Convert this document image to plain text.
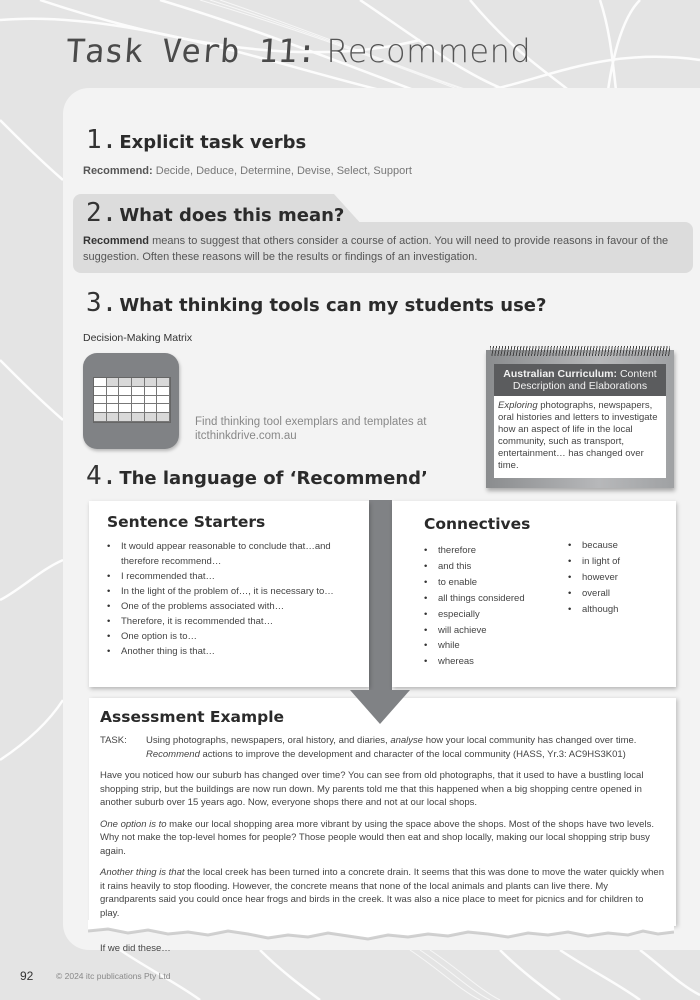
Task Verb 11: Recommend
1. Explicit task verbs
Recommend: Decide, Deduce, Determine, Devise, Select, Support
2. What does this mean?
Recommend means to suggest that others consider a course of action. You will need to provide reasons in favour of the suggestion. Often these reasons will be the results or findings of an investigation.
3. What thinking tools can my students use?
Decision-Making Matrix
Find thinking tool exemplars and templates at
itcthinkdrive.com.au
Australian Curriculum: Content Description and Elaborations
Exploring photographs, newspapers, oral histories and letters to investigate how an aspect of life in the local community, such as transport, entertainment… has changed over time.
4. The language of ‘Recommend’
Sentence Starters
• It would appear reasonable to conclude that…and therefore recommend…
• I recommended that…
• In the light of the problem of…, it is necessary to…
• One of the problems associated with…
• Therefore, it is recommended that…
• One option is to…
• Another thing is that…
Connectives
• therefore
• and this
• to enable
• all things considered
• especially
• will achieve
• while
• whereas
• because
• in light of
• however
• overall
• although
Assessment Example

TASK:	Using photographs, newspapers, oral history, and diaries, analyse how your local community has changed over time.
Recommend actions to improve the development and character of the local community (HASS, Yr.3: AC9HS3K01)

Have you noticed how our suburb has changed over time? You can see from old photographs, that it used to have a bustling local shopping strip, but the buildings are now run down. My parents told me that this happened when a big shopping centre opened in another suburb over 15 years ago. Now, everyone shops there and not at our local shops.

One option is to make our local shopping area more vibrant by using the space above the shops. Most of the shops have two levels. Why not make the top-level homes for people? Those people would then eat and shop locally, making our local shopping strip busy again.

Another thing is that the local creek has been turned into a concrete drain. It seems that this was done to move the water quickly when it rains heavily to stop flooding. However, the concrete means that none of the local animals and plants can live there. My grandparents said you could once hear frogs and birds in the creek. It was also a nice place to meet for picnics and for children to play.

If we did these…

92	© 2024 itc publications Pty Ltd
